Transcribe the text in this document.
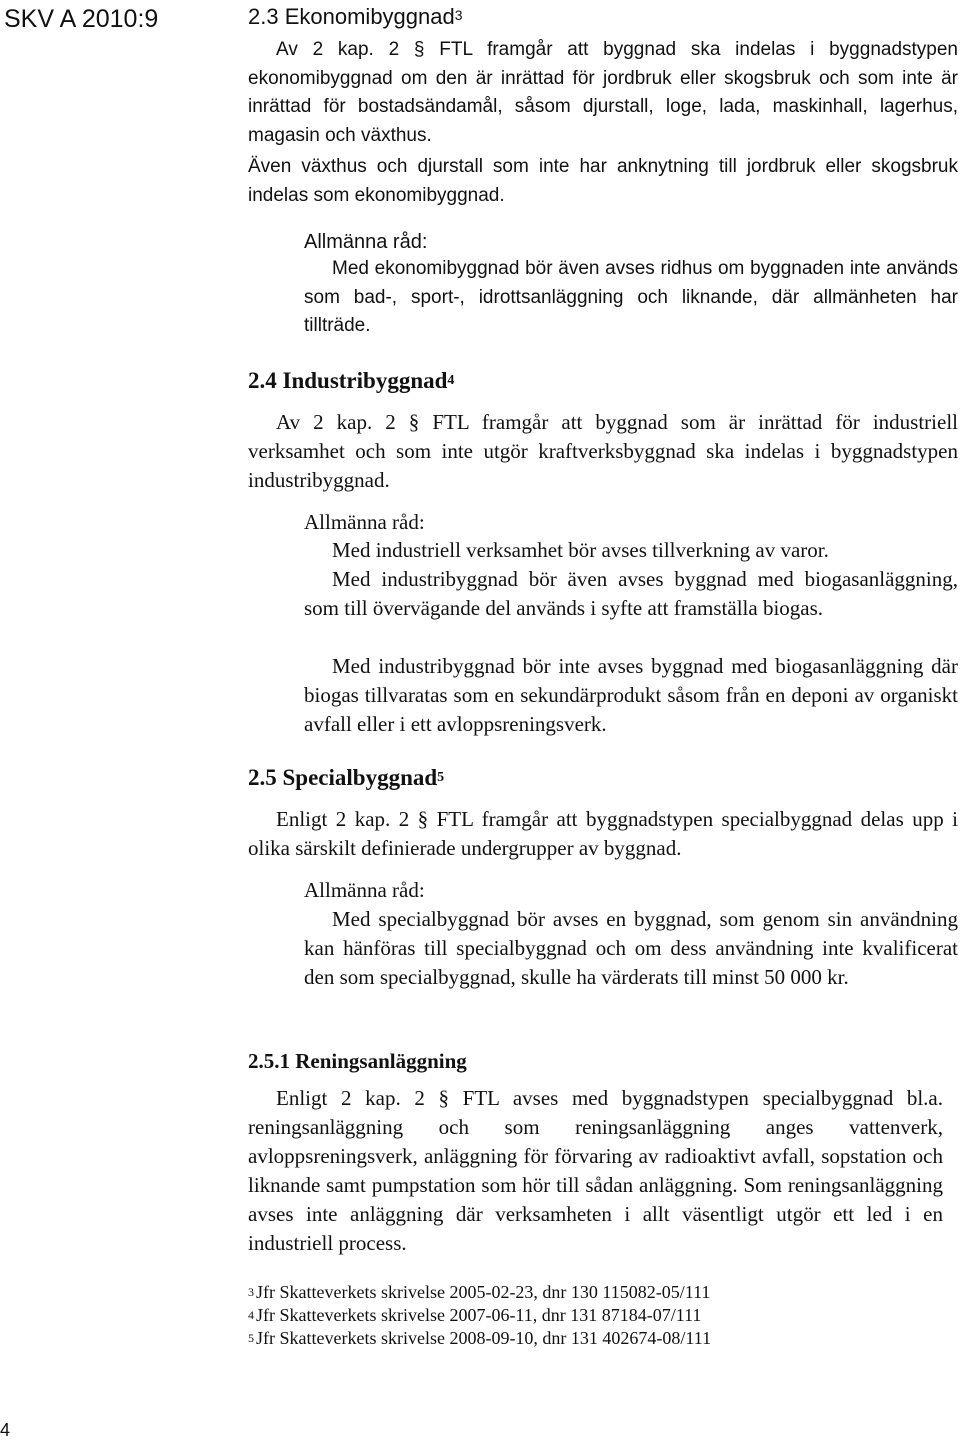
SKV A 2010:9	2.3 Ekonomibyggnad$^3$

Av 2 kap. 2 § FTL framgår att byggnad ska indelas i byggnadstypen ekonomibyggnad om den är inrättad för jordbruk eller skogsbruk och som inte är inrättad för bostadsändamål, såsom djurstall, loge, lada, maskinhall, lagerhus, magasin och växthus.

Även växthus och djurstall som inte har anknytning till jordbruk eller skogsbruk indelas som ekonomibyggnad.

Allmänna råd:

Med ekonomibyggnad bör även avses ridhus om byggnaden inte används som bad-, sport-, idrottsanläggning och liknande, där allmänheten har tillträde.

2.4 Industribyggnad$^4$

Av 2 kap. 2 § FTL framgår att byggnad som är inrättad för industriell verksamhet och som inte utgör kraftverksbyggnad ska indelas i byggnadstypen industribyggnad.

Allmänna råd:

Med industriell verksamhet bör avses tillverkning av varor.

Med industribyggnad bör även avses byggnad med biogasanläggning, som till övervägande del används i syfte att framställa biogas.

Med industribyggnad bör inte avses byggnad med biogasanläggning där biogas tillvaratas som en sekundärprodukt såsom från en deponi av organiskt avfall eller i ett avloppsreningsverk.

2.5 Specialbyggnad$^5$

Enligt 2 kap. 2 § FTL framgår att byggnadstypen specialbyggnad delas upp i olika särskilt definierade undergrupper av byggnad.

Allmänna råd:

Med specialbyggnad bör avses en byggnad, som genom sin användning kan hänföras till specialbyggnad och om dess användning inte kvalificerat den som specialbyggnad, skulle ha värderats till minst 50 000 kr.

2.5.1 Reningsanläggning

Enligt 2 kap. 2 § FTL avses med byggnadstypen specialbyggnad bl.a. reningsanläggning och som reningsanläggning anges vattenverk, avloppsreningsverk, anläggning för förvaring av radioaktivt avfall, sopstation och liknande samt pumpstation som hör till sådan anläggning. Som reningsanläggning avses inte anläggning där verksamheten i allt väsentligt utgör ett led i en industriell process.

$^3$ Jfr Skatteverkets skrivelse 2005-02-23, dnr 130 115082-05/111
$^4$ Jfr Skatteverkets skrivelse 2007-06-11, dnr 131 87184-07/111
$^5$ Jfr Skatteverkets skrivelse 2008-09-10, dnr 131 402674-08/111
4
